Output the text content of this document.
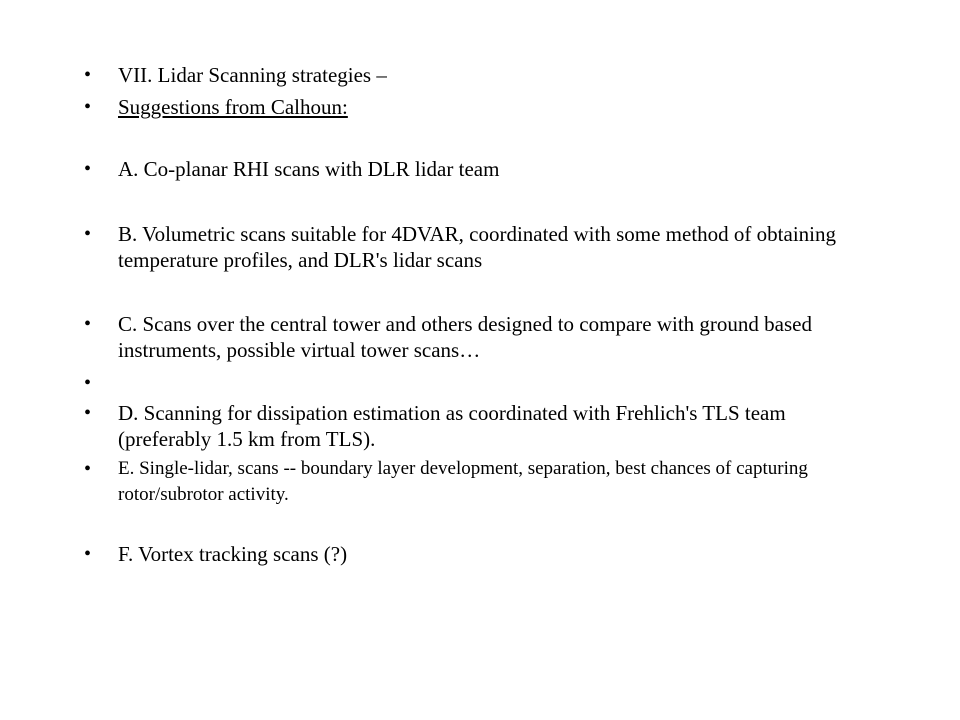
• VII. Lidar Scanning strategies –
• Suggestions from Calhoun:
• A. Co-planar RHI scans with DLR lidar team
• B. Volumetric scans suitable for 4DVAR, coordinated with some method of obtaining temperature profiles, and DLR's lidar scans
• C. Scans over the central tower and others designed to compare with ground based instruments, possible virtual tower scans…
•
• D. Scanning for dissipation estimation as coordinated with Frehlich's TLS team (preferably 1.5 km from TLS).
• E. Single-lidar, scans -- boundary layer development, separation, best chances of capturing rotor/subrotor activity.
• F. Vortex tracking scans (?)
